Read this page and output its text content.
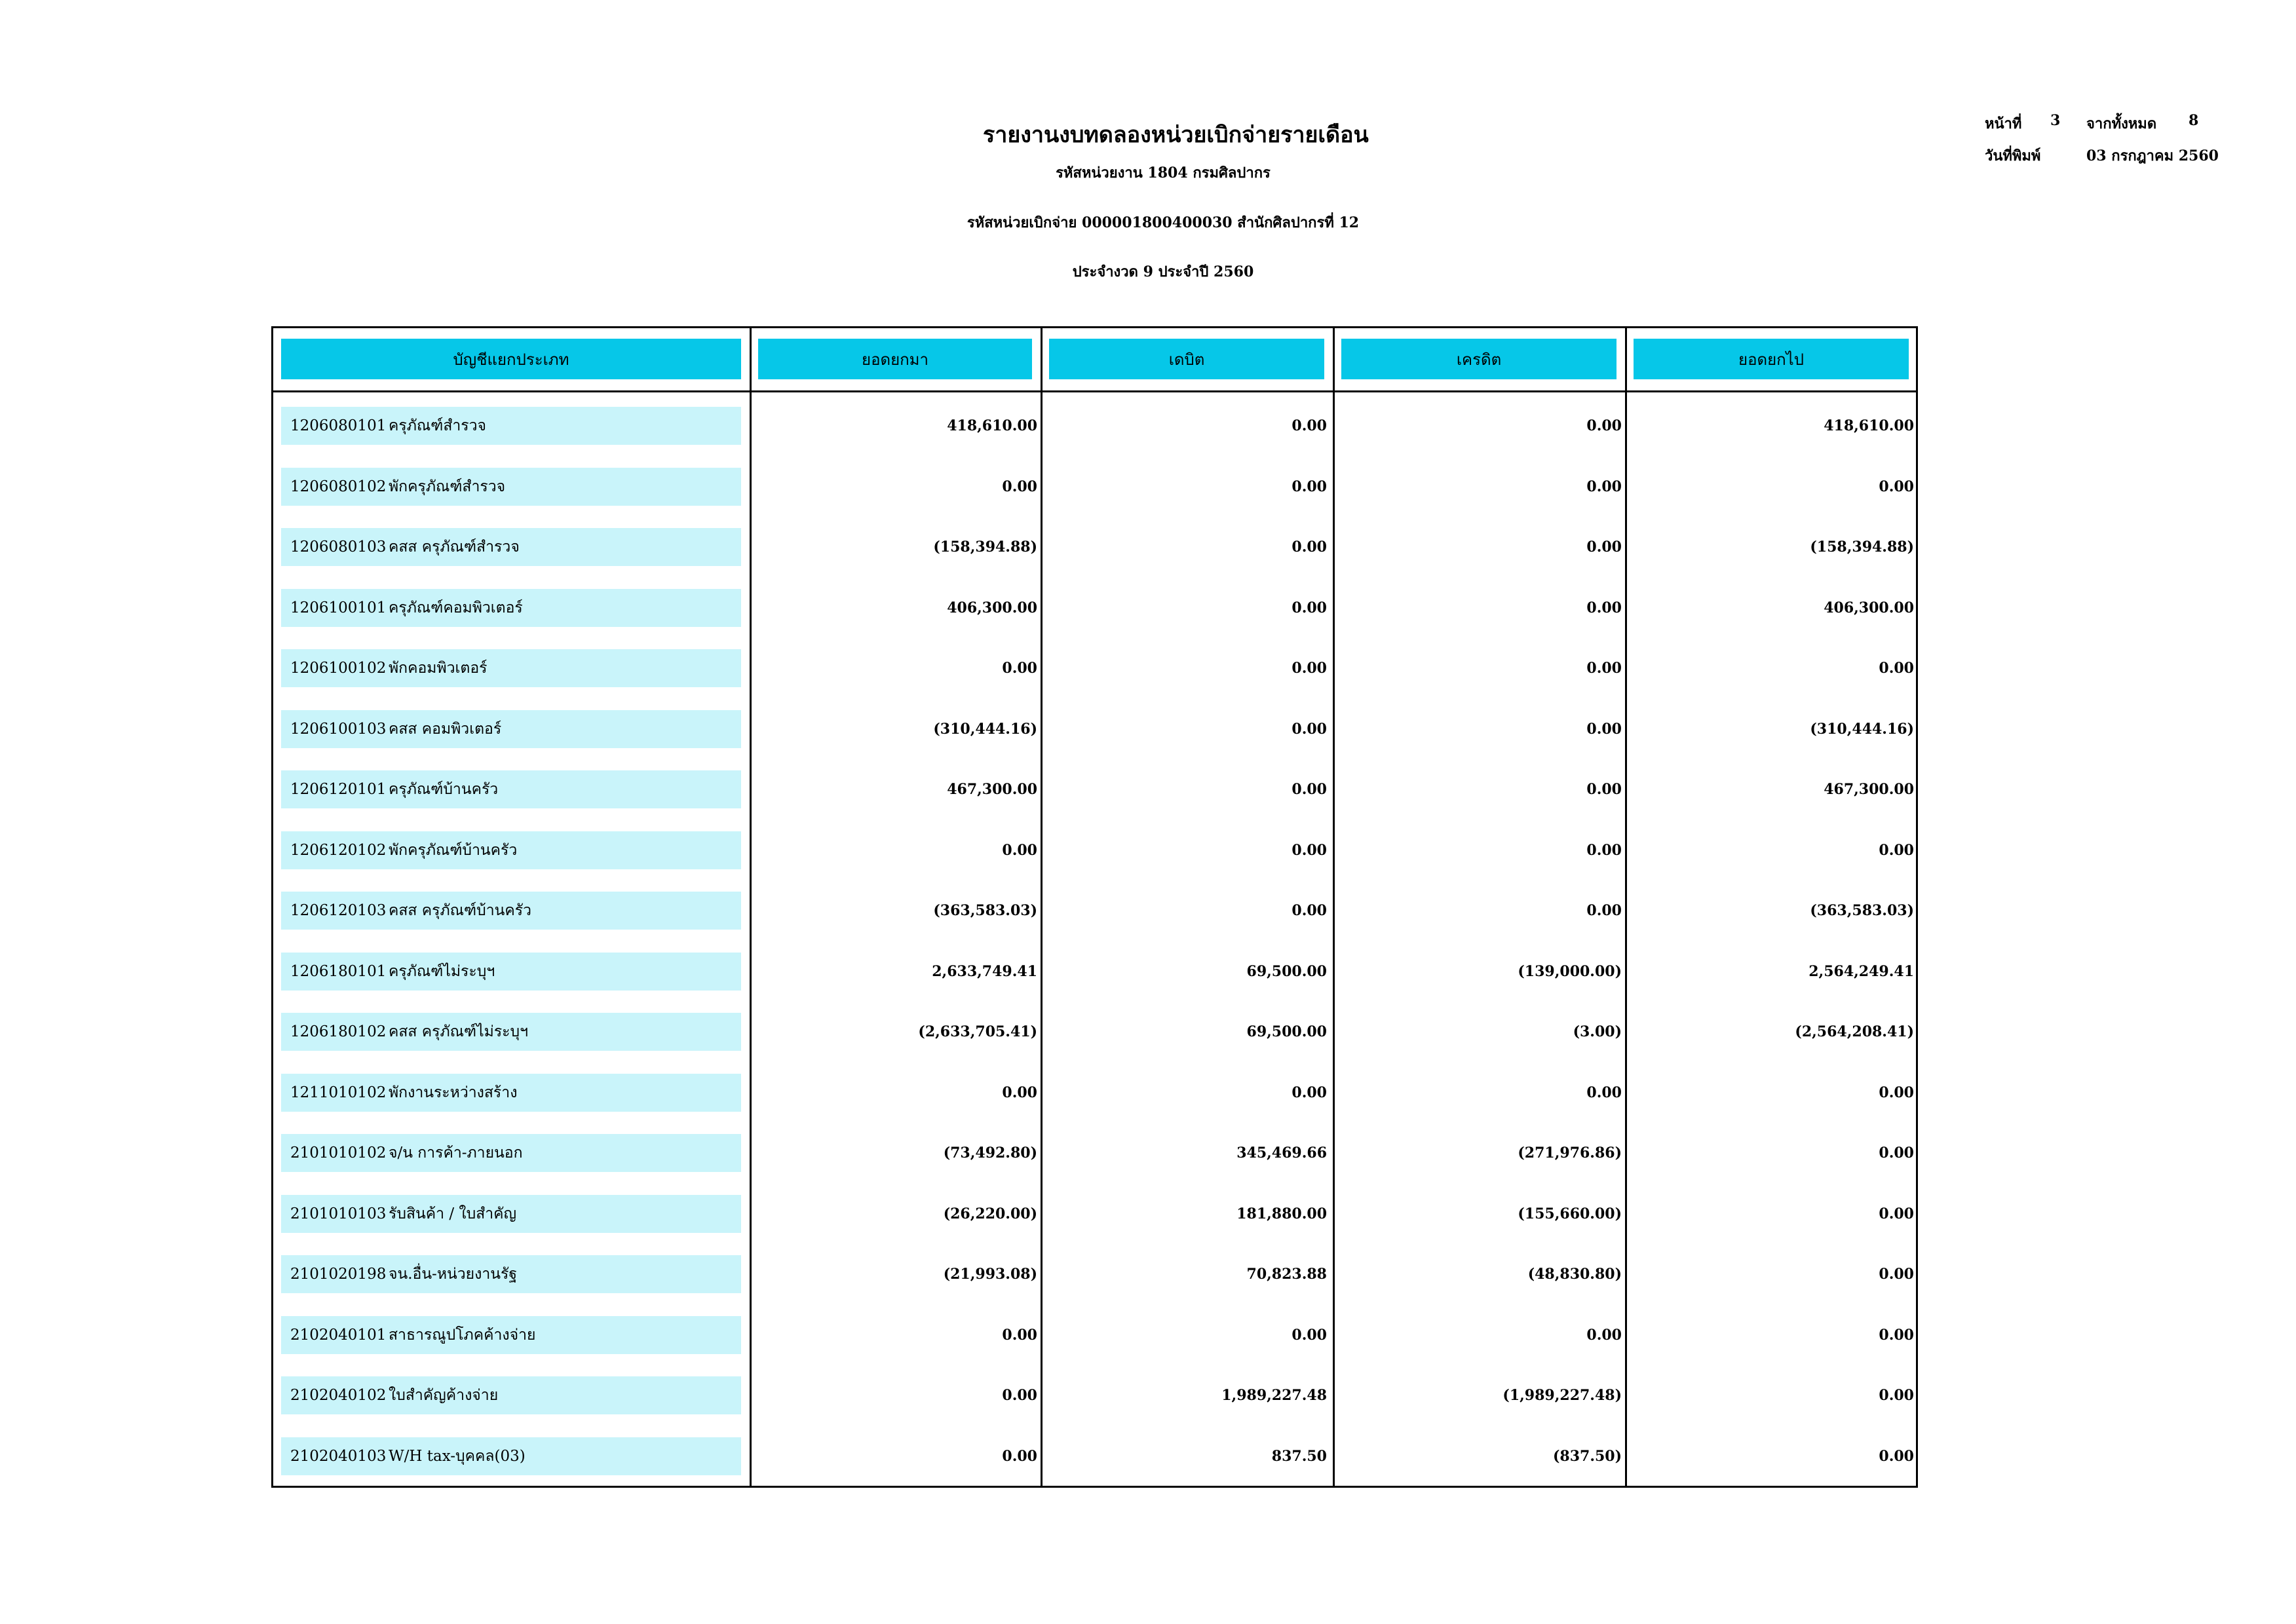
รายงานงบทดลองหน่วยเบิกจ่ายรายเดือน
รหัสหน่วยงาน 1804 กรมศิลปากร
รหัสหน่วยเบิกจ่าย 000001800400030 สำนักศิลปากรที่ 12
ประจำงวด 9 ประจำปี 2560
หน้าที่ 3 จากทั้งหมด 8
วันที่พิมพ์	03 กรกฎาคม 2560
บัญชีแยกประเภท	ยอดยกมา	เดบิต	เครดิต	ยอดยกไป
1206080101 ครุภัณฑ์สำรวจ	418,610.00	0.00	0.00	418,610.00
1206080102 พักครุภัณฑ์สำรวจ	0.00	0.00	0.00	0.00
1206080103 คสส ครุภัณฑ์สำรวจ	(158,394.88)	0.00	0.00	(158,394.88)
1206100101 ครุภัณฑ์คอมพิวเตอร์	406,300.00	0.00	0.00	406,300.00
1206100102 พักคอมพิวเตอร์	0.00	0.00	0.00	0.00
1206100103 คสส คอมพิวเตอร์	(310,444.16)	0.00	0.00	(310,444.16)
1206120101 ครุภัณฑ์บ้านครัว	467,300.00	0.00	0.00	467,300.00
1206120102 พักครุภัณฑ์บ้านครัว	0.00	0.00	0.00	0.00
1206120103 คสส ครุภัณฑ์บ้านครัว	(363,583.03)	0.00	0.00	(363,583.03)
1206180101 ครุภัณฑ์ไม่ระบุฯ	2,633,749.41	69,500.00	(139,000.00)	2,564,249.41
1206180102 คสส ครุภัณฑ์ไม่ระบุฯ	(2,633,705.41)	69,500.00	(3.00)	(2,564,208.41)
1211010102 พักงานระหว่างสร้าง	0.00	0.00	0.00	0.00
2101010102 จ/น การค้า-ภายนอก	(73,492.80)	345,469.66	(271,976.86)	0.00
2101010103 รับสินค้า / ใบสำคัญ	(26,220.00)	181,880.00	(155,660.00)	0.00
2101020198 จน.อื่น-หน่วยงานรัฐ	(21,993.08)	70,823.88	(48,830.80)	0.00
2102040101 สาธารณูปโภคค้างจ่าย	0.00	0.00	0.00	0.00
2102040102 ใบสำคัญค้างจ่าย	0.00	1,989,227.48	(1,989,227.48)	0.00
2102040103 W/H tax-บุคคล(03)	0.00	837.50	(837.50)	0.00
